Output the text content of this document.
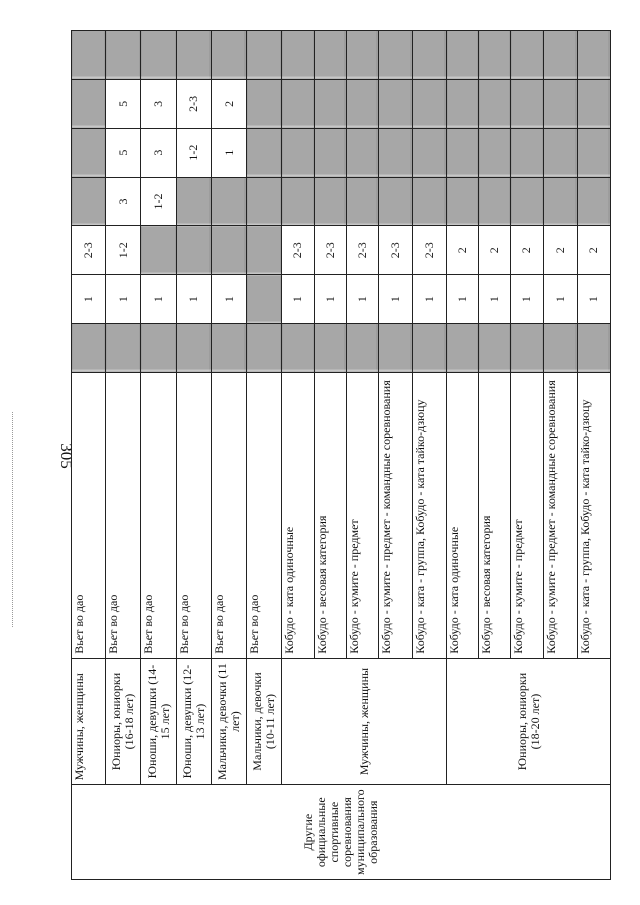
305
Другие официальные спортивные соревнования муниципального образования	Мужчины, женщины	Вьет во дао		1	2-3				
	Юниоры, юниорки (16-18 лет)	Вьет во дао		1	1-2	3	5	5	
	Юноши, девушки (14-15 лет)	Вьет во дао		1		1-2	3	3	
	Юноши, девушки (12-13 лет)	Вьет во дао		1			1-2	2-3	
	Мальчики, девочки (11 лет)	Вьет во дао		1			1	2	
	Мальчики, девочки (10-11 лет)	Вьет во дао							
	Мужчины, женщины	Кобудо - ката одиночные		1	2-3				
		Кобудо - весовая категория		1	2-3				
		Кобудо - кумите - предмет		1	2-3				
		Кобудо - кумите - предмет - командные соревнования		1	2-3				
		Кобудо - ката - группа, Кобудо - ката тайко-дзюцу		1	2-3				
	Юниоры, юниорки (18-20 лет)	Кобудо - ката одиночные		1	2				
		Кобудо - весовая категория		1	2				
		Кобудо - кумите - предмет		1	2				
		Кобудо - кумите - предмет - командные соревнования		1	2				
		Кобудо - ката - группа, Кобудо - ката тайко-дзюцу		1	2				
